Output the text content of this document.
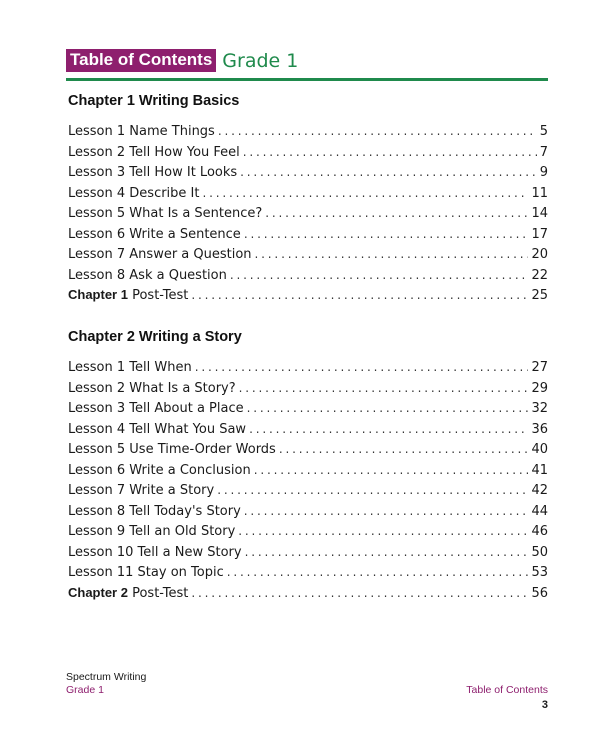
Table of Contents Grade 1
Chapter 1 Writing Basics
Lesson 1 Name Things . . .	5
Lesson 2 Tell How You Feel . . .	7
Lesson 3 Tell How It Looks . . .	9
Lesson 4 Describe It . . .	11
Lesson 5 What Is a Sentence? . . .	14
Lesson 6 Write a Sentence . . .	17
Lesson 7 Answer a Question . . .	20
Lesson 8 Ask a Question . . .	22
Chapter 1 Post-Test . . .	25
Chapter 2 Writing a Story
Lesson 1 Tell When . . .	27
Lesson 2 What Is a Story? . . .	29
Lesson 3 Tell About a Place . . .	32
Lesson 4 Tell What You Saw . . .	36
Lesson 5 Use Time-Order Words . . .	40
Lesson 6 Write a Conclusion . . .	41
Lesson 7 Write a Story . . .	42
Lesson 8 Tell Today's Story . . .	44
Lesson 9 Tell an Old Story . . .	46
Lesson 10 Tell a New Story . . .	50
Lesson 11 Stay on Topic . . .	53
Chapter 2 Post-Test . . .	56
Spectrum Writing
Grade 1	Table of Contents
3
